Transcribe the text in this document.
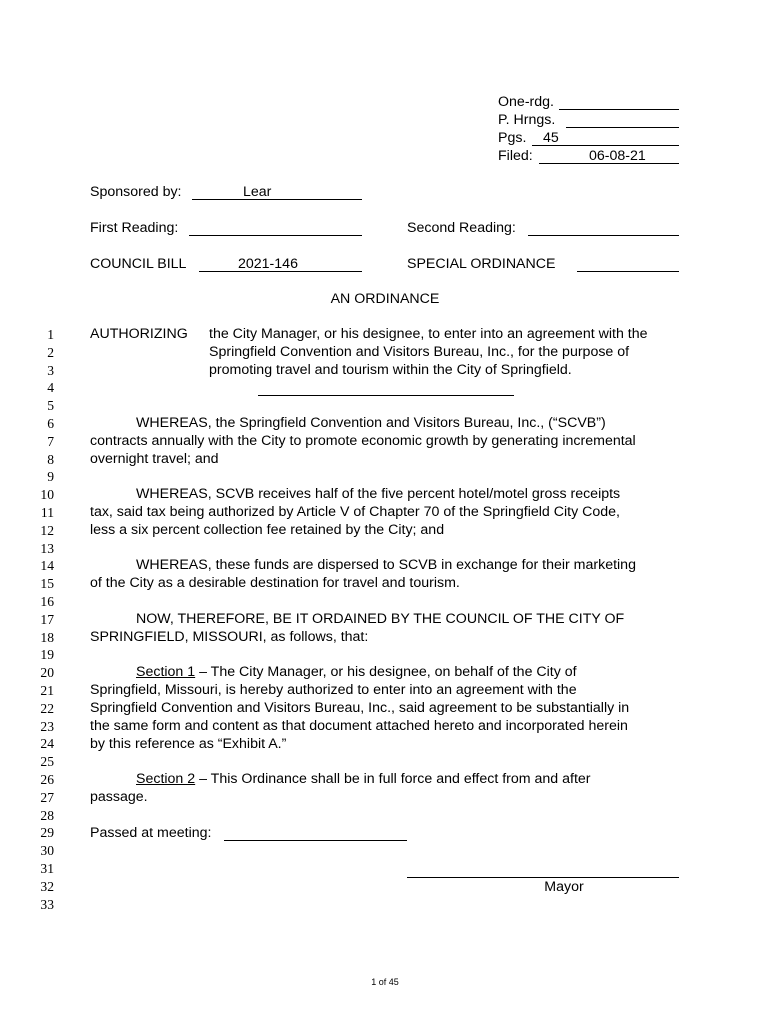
One-rdg.
P. Hrngs.
Pgs. 45
Filed:	06-08-21
Sponsored by:	Lear
First Reading:	Second Reading:
COUNCIL BILL	2021-146	SPECIAL ORDINANCE
AN ORDINANCE
1
2
3
4
5
6
7
8
9
10
11
12
13
14
15
16
17
18
19
20
21
22
23
24
25
26
27
28
29
30
31
32
33
AUTHORIZING the City Manager, or his designee, to enter into an agreement with the
Springfield Convention and Visitors Bureau, Inc., for the purpose of
promoting travel and tourism within the City of Springfield.
WHEREAS, the Springfield Convention and Visitors Bureau, Inc., (“SCVB”)
contracts annually with the City to promote economic growth by generating incremental
overnight travel; and
WHEREAS, SCVB receives half of the five percent hotel/motel gross receipts
tax, said tax being authorized by Article V of Chapter 70 of the Springfield City Code,
less a six percent collection fee retained by the City; and
WHEREAS, these funds are dispersed to SCVB in exchange for their marketing
of the City as a desirable destination for travel and tourism.
NOW, THEREFORE, BE IT ORDAINED BY THE COUNCIL OF THE CITY OF
SPRINGFIELD, MISSOURI, as follows, that:
Section 1 – The City Manager, or his designee, on behalf of the City of
Springfield, Missouri, is hereby authorized to enter into an agreement with the
Springfield Convention and Visitors Bureau, Inc., said agreement to be substantially in
the same form and content as that document attached hereto and incorporated herein
by this reference as “Exhibit A.”
Section 2 – This Ordinance shall be in full force and effect from and after
passage.
Passed at meeting:
Mayor
1 of 45
